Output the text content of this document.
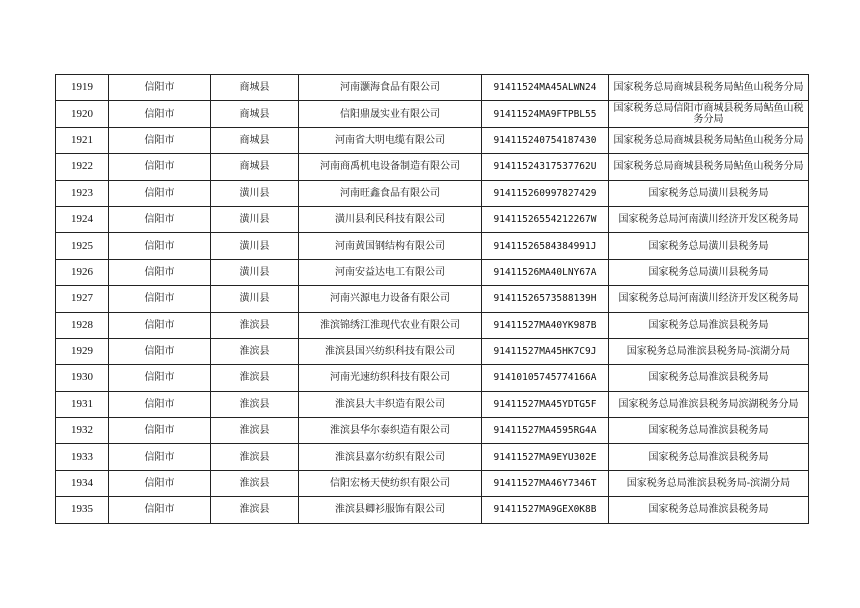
1919	信阳市	商城县	河南灏海食品有限公司	91411524MA45ALWN24	国家税务总局商城县税务局鲇鱼山税务分局
1920	信阳市	商城县	信阳鼎晟实业有限公司	91411524MA9FTPBL55	国家税务总局信阳市商城县税务局鲇鱼山税务分局
1921	信阳市	商城县	河南省大明电缆有限公司	914115240754187430	国家税务总局商城县税务局鲇鱼山税务分局
1922	信阳市	商城县	河南商禹机电设备制造有限公司	91411524317537762U	国家税务总局商城县税务局鲇鱼山税务分局
1923	信阳市	潢川县	河南旺鑫食品有限公司	914115260997827429	国家税务总局潢川县税务局
1924	信阳市	潢川县	潢川县利民科技有限公司	91411526554212267W	国家税务总局河南潢川经济开发区税务局
1925	信阳市	潢川县	河南黄国钢结构有限公司	91411526584384991J	国家税务总局潢川县税务局
1926	信阳市	潢川县	河南安益达电工有限公司	91411526MA40LNY67A	国家税务总局潢川县税务局
1927	信阳市	潢川县	河南兴源电力设备有限公司	91411526573588139H	国家税务总局河南潢川经济开发区税务局
1928	信阳市	淮滨县	淮滨锦绣江淮现代农业有限公司	91411527MA40YK987B	国家税务总局淮滨县税务局
1929	信阳市	淮滨县	淮滨县国兴纺织科技有限公司	91411527MA45HK7C9J	国家税务总局淮滨县税务局-滨湖分局
1930	信阳市	淮滨县	河南光速纺织科技有限公司	91410105745774166A	国家税务总局淮滨县税务局
1931	信阳市	淮滨县	淮滨县大丰织造有限公司	91411527MA45YDTG5F	国家税务总局淮滨县税务局滨湖税务分局
1932	信阳市	淮滨县	淮滨县华尔泰织造有限公司	91411527MA4595RG4A	国家税务总局淮滨县税务局
1933	信阳市	淮滨县	淮滨县嘉尔纺织有限公司	91411527MA9EYU302E	国家税务总局淮滨县税务局
1934	信阳市	淮滨县	信阳宏杨天使纺织有限公司	91411527MA46Y7346T	国家税务总局淮滨县税务局-滨湖分局
1935	信阳市	淮滨县	淮滨县卿衫服饰有限公司	91411527MA9GEX0K8B	国家税务总局淮滨县税务局
